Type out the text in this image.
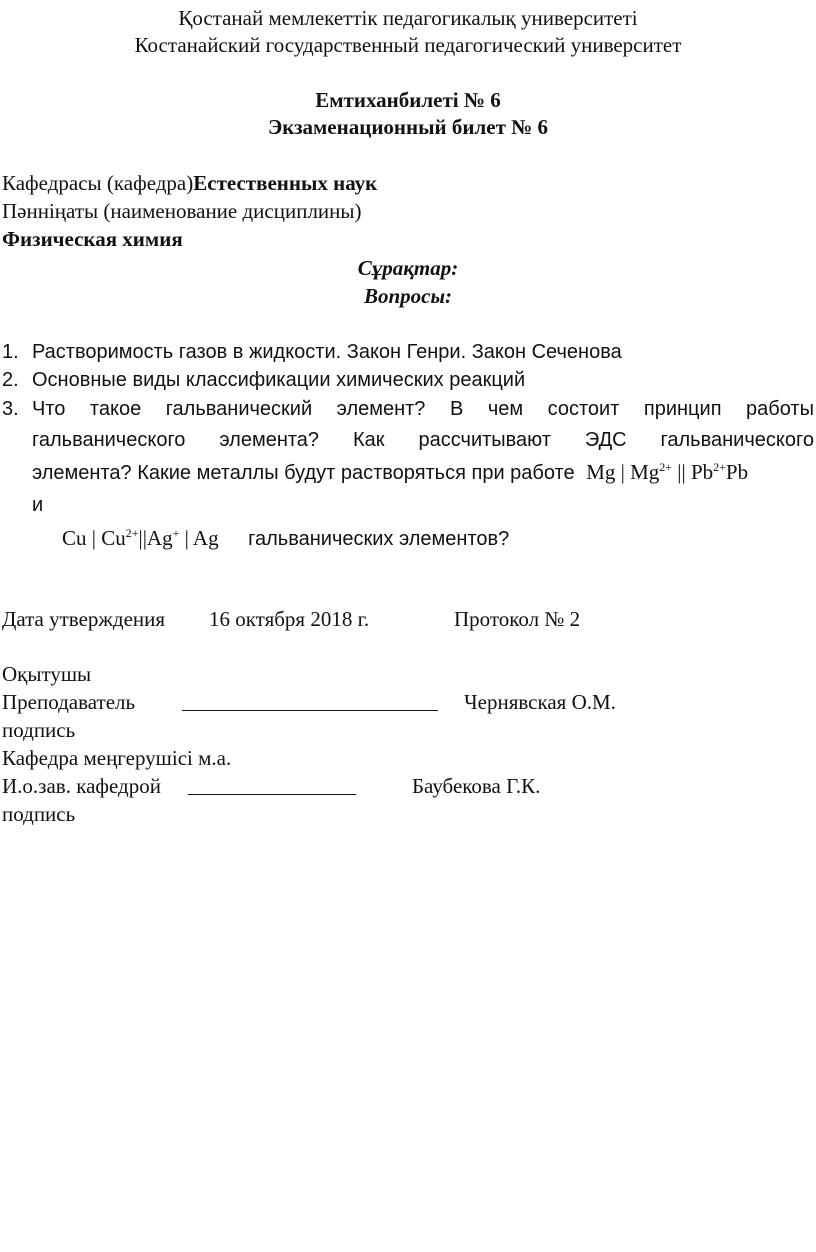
Қостанай мемлекеттік педагогикалық университеті
Костанайский государственный педагогический университет
Емтиханбилеті № 6
Экзаменационный билет № 6
Кафедрасы (кафедра)Естественных наук
Пәнніңаты (наименование дисциплины)
Физическая химия
Сұрақтар:
Вопросы:
1. Растворимость газов в жидкости. Закон Генри. Закон Сеченова
2. Основные виды классификации химических реакций
3. Что такое гальванический элемент? В чем состоит принцип работы
гальванического элемента? Как рассчитывают ЭДС гальванического
элемента? Какие металлы будут растворяться при работе Mg | $Mg^{2+}$ || $Pb^{2+}Pb$
и
Cu | $Cu^{2+}||Ag^+$ | Ag гальванических элементов?
Дата утверждения 16 октября 2018 г.	Протокол № 2
Оқытушы
Преподаватель	Чернявская О.М.
подпись
Кафедра меңгерушісі м.а.
И.о.зав. кафедрой	Баубекова Г.К.
подпись
